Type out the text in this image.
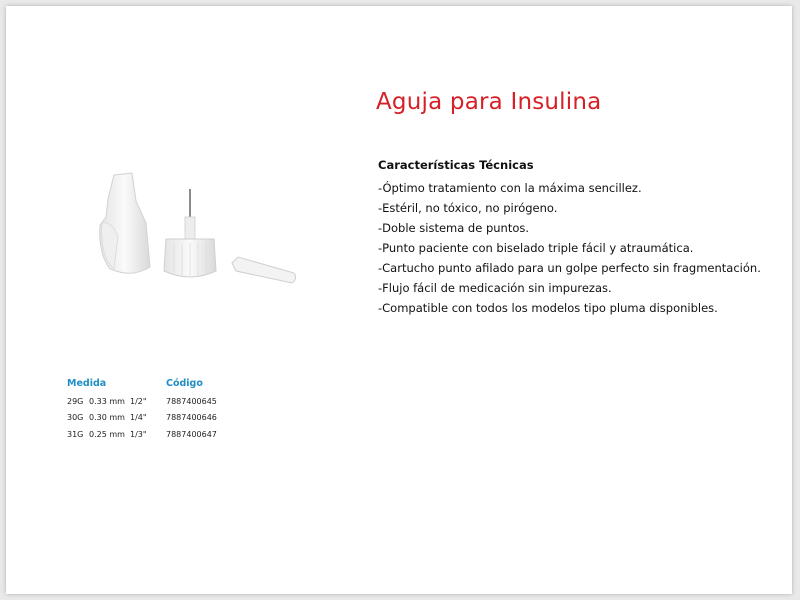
Aguja para Insulina
Características Técnicas
-Óptimo tratamiento con la máxima sencillez.
-Estéril, no tóxico, no pirógeno.
-Doble sistema de puntos.
-Punto paciente con biselado triple fácil y atraumática.
-Cartucho punto afilado para un golpe perfecto sin fragmentación.
-Flujo fácil de medicación sin impurezas.
-Compatible con todos los modelos tipo pluma disponibles.
Medida	Código
29G 0.33 mm 1/2" 7887400645
30G 0.30 mm 1/4" 7887400646
31G 0.25 mm 1/3" 7887400647
